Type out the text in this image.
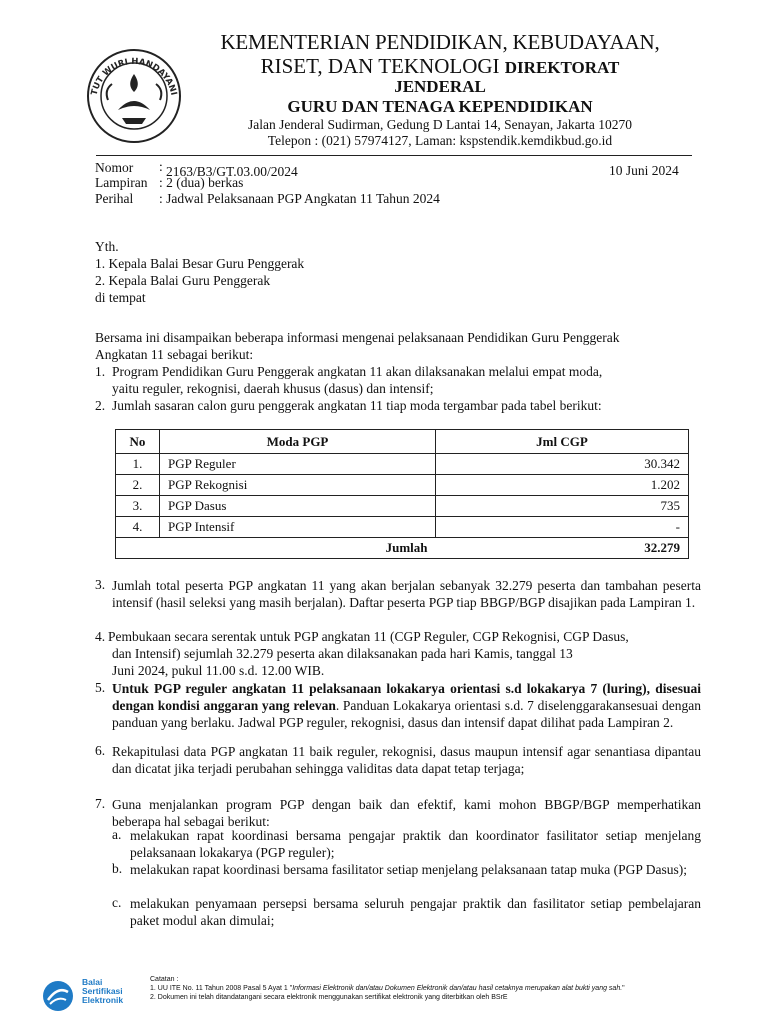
TUT WURI HANDAYANI
KEMENTERIAN PENDIDIKAN, KEBUDAYAAN,
RISET, DAN TEKNOLOGI DIREKTORAT
JENDERAL
GURU DAN TENAGA KEPENDIDIKAN
Jalan Jenderal Sudirman, Gedung D Lantai 14, Senayan, Jakarta 10270
Telepon : (021) 57974127, Laman: kspstendik.kemdikbud.go.id
Nomor : 2163/B3/GT.03.00/2024	10 Juni 2024
Lampiran : 2 (dua) berkas
Perihal : Jadwal Pelaksanaan PGP Angkatan 11 Tahun 2024
Yth.
1. Kepala Balai Besar Guru Penggerak
2. Kepala Balai Guru Penggerak
di tempat
Bersama ini disampaikan beberapa informasi mengenai pelaksanaan Pendidikan Guru Penggerak
Angkatan 11 sebagai berikut:
1. Program Pendidikan Guru Penggerak angkatan 11 akan dilaksanakan melalui empat moda,
yaitu reguler, rekognisi, daerah khusus (dasus) dan intensif;
2. Jumlah sasaran calon guru penggerak angkatan 11 tiap moda tergambar pada tabel berikut:
No	Moda PGP	Jml CGP
1.	PGP Reguler	30.342
2.	PGP Rekognisi	1.202
3.	PGP Dasus	735
4.	PGP Intensif	-
Jumlah		32.279
3. Jumlah total peserta PGP angkatan 11 yang akan berjalan sebanyak 32.279 peserta dan tambahan peserta intensif (hasil seleksi yang masih berjalan). Daftar peserta PGP tiap BBGP/BGP disajikan pada Lampiran 1.
4. Pembukaan secara serentak untuk PGP angkatan 11 (CGP Reguler, CGP Rekognisi, CGP Dasus,
dan Intensif) sejumlah 32.279 peserta akan dilaksanakan pada hari Kamis, tanggal 13
Juni 2024, pukul 11.00 s.d. 12.00 WIB.
5. Untuk PGP reguler angkatan 11 pelaksanaan lokakarya orientasi s.d lokakarya 7 (luring), disesuai dengan kondisi anggaran yang relevan. Panduan Lokakarya orientasi s.d. 7 diselenggarakansesuai dengan panduan yang berlaku. Jadwal PGP reguler, rekognisi, dasus dan intensif dapat dilihat pada Lampiran 2.
6. Rekapitulasi data PGP angkatan 11 baik reguler, rekognisi, dasus maupun intensif agar senantiasa dipantau dan dicatat jika terjadi perubahan sehingga validitas data dapat tetap terjaga;
7. Guna menjalankan program PGP dengan baik dan efektif, kami mohon BBGP/BGP memperhatikan beberapa hal sebagai berikut:
a. melakukan rapat koordinasi bersama pengajar praktik dan koordinator fasilitator setiap menjelang pelaksanaan lokakarya (PGP reguler);
b. melakukan rapat koordinasi bersama fasilitator setiap menjelang pelaksanaan tatap muka (PGP Dasus);
c. melakukan penyamaan persepsi bersama seluruh pengajar praktik dan fasilitator setiap pembelajaran paket modul akan dimulai;
Balai
Sertifikasi
Elektronik
Catatan :
1. UU ITE No. 11 Tahun 2008 Pasal 5 Ayat 1 "Informasi Elektronik dan/atau Dokumen Elektronik dan/atau hasil cetaknya merupakan alat bukti yang sah."
2. Dokumen ini telah ditandatangani secara elektronik menggunakan sertifikat elektronik yang diterbitkan oleh BSrE
